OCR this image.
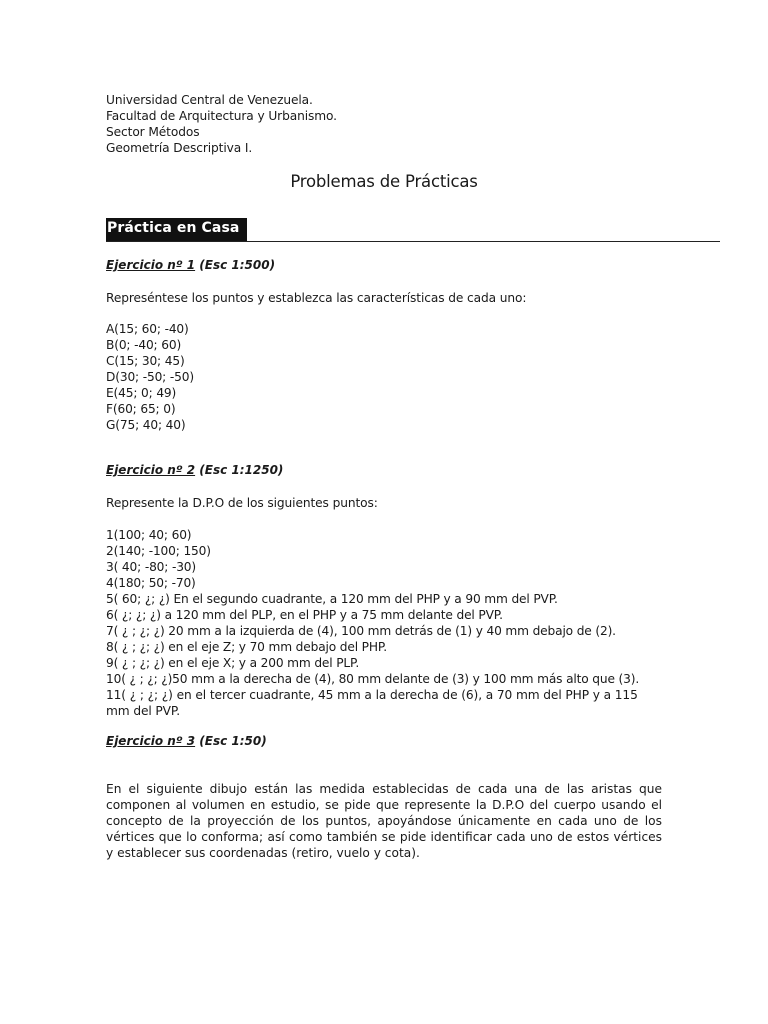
Universidad Central de Venezuela.
Facultad de Arquitectura y Urbanismo.
Sector Métodos
Geometría Descriptiva I.
Problemas de Prácticas
Práctica en Casa
Ejercicio nº 1 (Esc 1:500)
Represéntese los puntos y establezca las características de cada uno:
A(15; 60; -40)
B(0; -40; 60)
C(15; 30; 45)
D(30; -50; -50)
E(45; 0; 49)
F(60; 65; 0)
G(75; 40; 40)
Ejercicio nº 2 (Esc 1:1250)
Represente la D.P.O de los siguientes puntos:
1(100; 40; 60)
2(140; -100; 150)
3( 40; -80; -30)
4(180; 50; -70)
5( 60; ¿; ¿) En el segundo cuadrante, a 120 mm del PHP y a 90 mm del PVP.
6( ¿; ¿; ¿) a 120 mm del PLP, en el PHP y a 75 mm delante del PVP.
7( ¿ ; ¿; ¿) 20 mm a la izquierda de (4), 100 mm detrás de (1) y 40 mm debajo de (2).
8( ¿ ; ¿; ¿) en el eje Z; y 70 mm debajo del PHP.
9( ¿ ; ¿; ¿) en el eje X; y a 200 mm del PLP.
10( ¿ ; ¿; ¿)50 mm a la derecha de (4), 80 mm delante de (3) y 100 mm más alto que (3).
11( ¿ ; ¿; ¿) en el tercer cuadrante, 45 mm a la derecha de (6), a 70 mm del PHP y a 115 mm del PVP.
Ejercicio nº 3 (Esc 1:50)
En el siguiente dibujo están las medida establecidas de cada una de las aristas que componen al volumen en estudio, se pide que represente la D.P.O del cuerpo usando el concepto de la proyección de los puntos, apoyándose únicamente en cada uno de los vértices que lo conforma; así como también se pide identificar cada uno de estos vértices y establecer sus coordenadas (retiro, vuelo y cota).
